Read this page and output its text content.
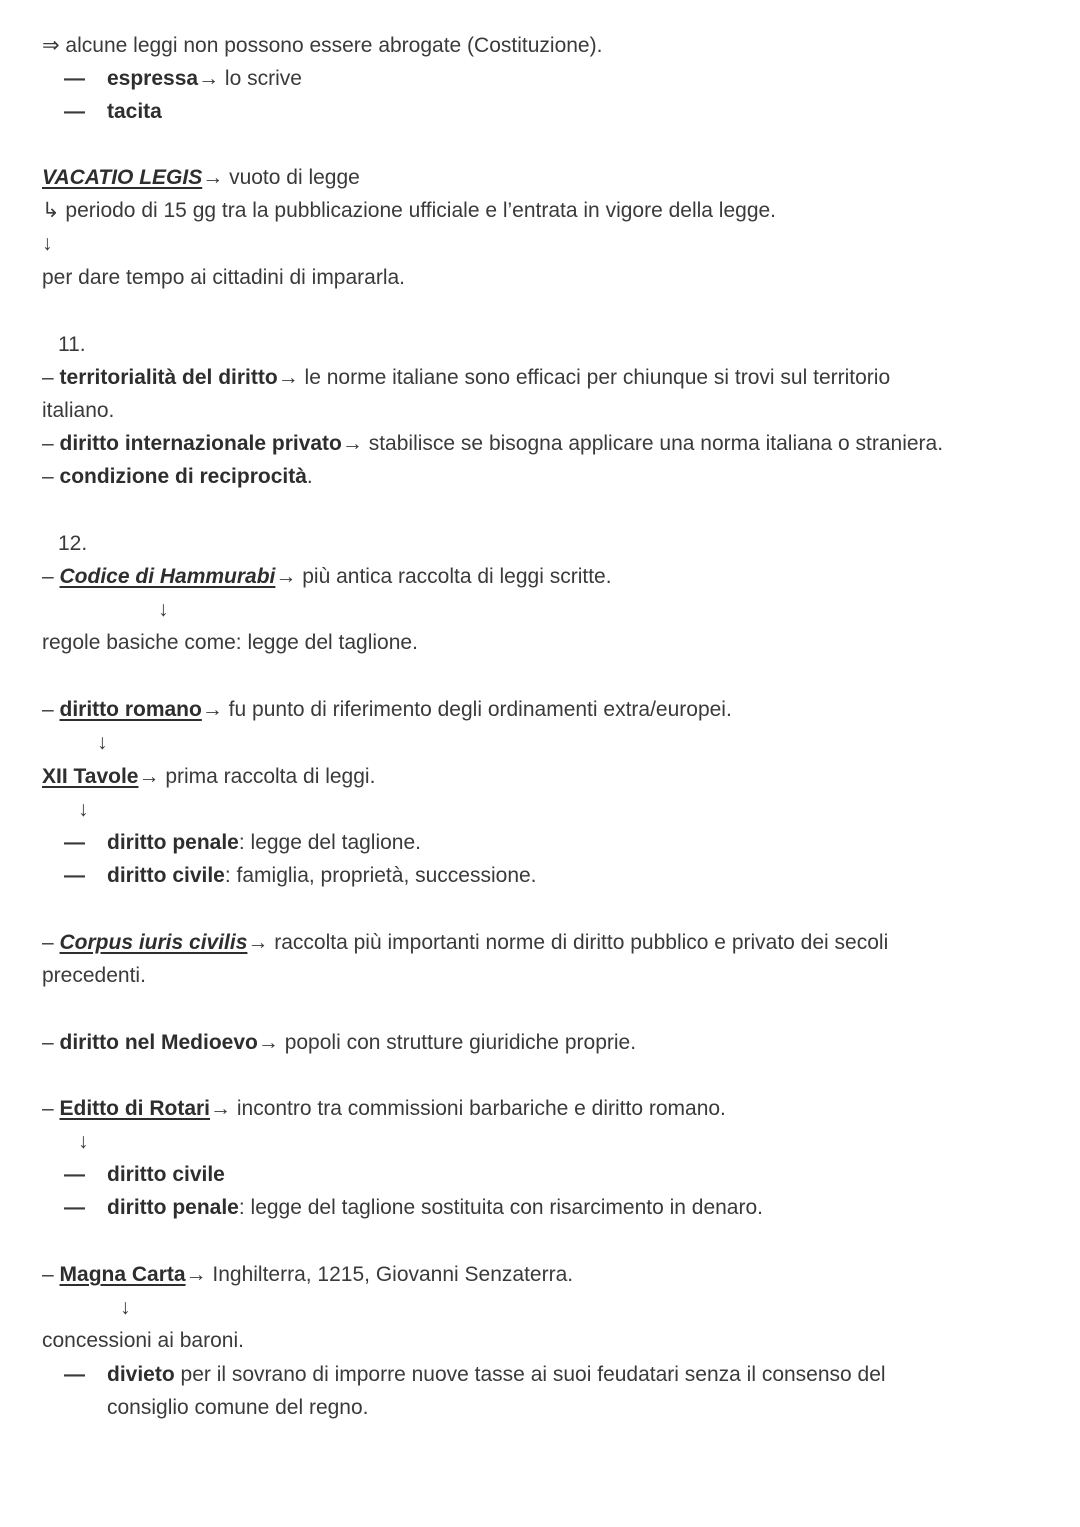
⇒ alcune leggi non possono essere abrogate (Costituzione).
— espressa→ lo scrive
— tacita
VACATIO LEGIS→ vuoto di legge
↳ periodo di 15 gg tra la pubblicazione ufficiale e l’entrata in vigore della legge.
↓
per dare tempo ai cittadini di impararla.
11.
– territorialità del diritto→ le norme italiane sono efficaci per chiunque si trovi sul territorio
italiano.
– diritto internazionale privato→ stabilisce se bisogna applicare una norma italiana o straniera.
– condizione di reciprocità.
12.
– Codice di Hammurabi→ più antica raccolta di leggi scritte.
↓
regole basiche come: legge del taglione.
– diritto romano→ fu punto di riferimento degli ordinamenti extra/europei.
↓
XII Tavole→ prima raccolta di leggi.
↓
— diritto penale: legge del taglione.
— diritto civile: famiglia, proprietà, successione.
– Corpus iuris civilis→ raccolta più importanti norme di diritto pubblico e privato dei secoli
precedenti.
– diritto nel Medioevo→ popoli con strutture giuridiche proprie.
– Editto di Rotari→ incontro tra commissioni barbariche e diritto romano.
↓
— diritto civile
— diritto penale: legge del taglione sostituita con risarcimento in denaro.
– Magna Carta→ Inghilterra, 1215, Giovanni Senzaterra.
↓
concessioni ai baroni.
— divieto per il sovrano di imporre nuove tasse ai suoi feudatari senza il consenso del
consiglio comune del regno.
